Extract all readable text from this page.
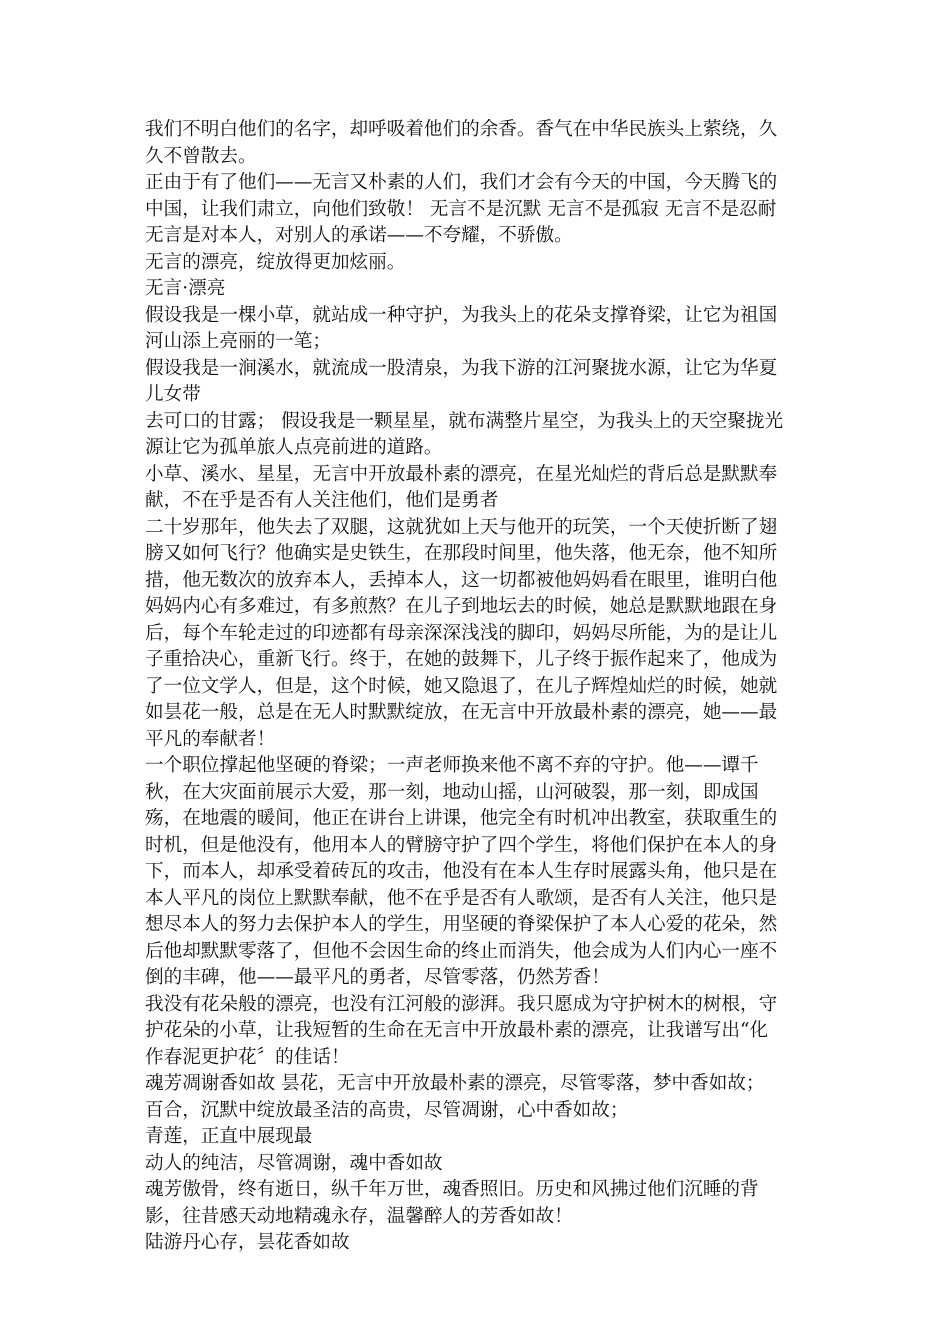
我们不明白他们的名字，却呼吸着他们的余香。香气在中华民族头上萦绕，久
久不曾散去。
正由于有了他们——无言又朴素的人们，我们才会有今天的中国，今天腾飞的
中国，让我们肃立，向他们致敬！ 无言不是沉默 无言不是孤寂 无言不是忍耐
无言是对本人，对别人的承诺——不夸耀，不骄傲。
无言的漂亮，绽放得更加炫丽。
无言·漂亮
假设我是一棵小草，就站成一种守护，为我头上的花朵支撑脊梁，让它为祖国
河山添上亮丽的一笔；
假设我是一涧溪水，就流成一股清泉，为我下游的江河聚拢水源，让它为华夏
儿女带
去可口的甘露； 假设我是一颗星星，就布满整片星空，为我头上的天空聚拢光
源让它为孤单旅人点亮前进的道路。
小草、溪水、星星，无言中开放最朴素的漂亮，在星光灿烂的背后总是默默奉
献，不在乎是否有人关注他们，他们是勇者
二十岁那年，他失去了双腿，这就犹如上天与他开的玩笑，一个天使折断了翅
膀又如何飞行？他确实是史铁生，在那段时间里，他失落，他无奈，他不知所
措，他无数次的放弃本人，丢掉本人，这一切都被他妈妈看在眼里，谁明白他
妈妈内心有多难过，有多煎熬？在儿子到地坛去的时候，她总是默默地跟在身
后，每个车轮走过的印迹都有母亲深深浅浅的脚印，妈妈尽所能，为的是让儿
子重拾决心，重新飞行。终于，在她的鼓舞下，儿子终于振作起来了，他成为
了一位文学人，但是，这个时候，她又隐退了，在儿子辉煌灿烂的时候，她就
如昙花一般，总是在无人时默默绽放，在无言中开放最朴素的漂亮，她——最
平凡的奉献者！
一个职位撑起他坚硬的脊梁；一声老师换来他不离不弃的守护。他——谭千
秋，在大灾面前展示大爱，那一刻，地动山摇，山河破裂，那一刻，即成国
殇，在地震的暖间，他正在讲台上讲课，他完全有时机冲出教室，获取重生的
时机，但是他没有，他用本人的臂膀守护了四个学生，将他们保护在本人的身
下，而本人，却承受着砖瓦的攻击，他没有在本人生存时展露头角，他只是在
本人平凡的岗位上默默奉献，他不在乎是否有人歌颂，是否有人关注，他只是
想尽本人的努力去保护本人的学生，用坚硬的脊梁保护了本人心爱的花朵，然
后他却默默零落了，但他不会因生命的终止而消失，他会成为人们内心一座不
倒的丰碑，他——最平凡的勇者，尽管零落，仍然芳香！
我没有花朵般的漂亮，也没有江河般的澎湃。我只愿成为守护树木的树根，守
护花朵的小草，让我短暂的生命在无言中开放最朴素的漂亮，让我谱写出“化
作春泥更护花〞的佳话！
魂芳凋谢香如故 昙花，无言中开放最朴素的漂亮，尽管零落，梦中香如故；
百合，沉默中绽放最圣洁的高贵，尽管凋谢，心中香如故；
青莲，正直中展现最
动人的纯洁，尽管凋谢，魂中香如故
魂芳傲骨，终有逝日，纵千年万世，魂香照旧。历史和风拂过他们沉睡的背
影，往昔感天动地精魂永存，温馨醉人的芳香如故！
陆游丹心存，昙花香如故
